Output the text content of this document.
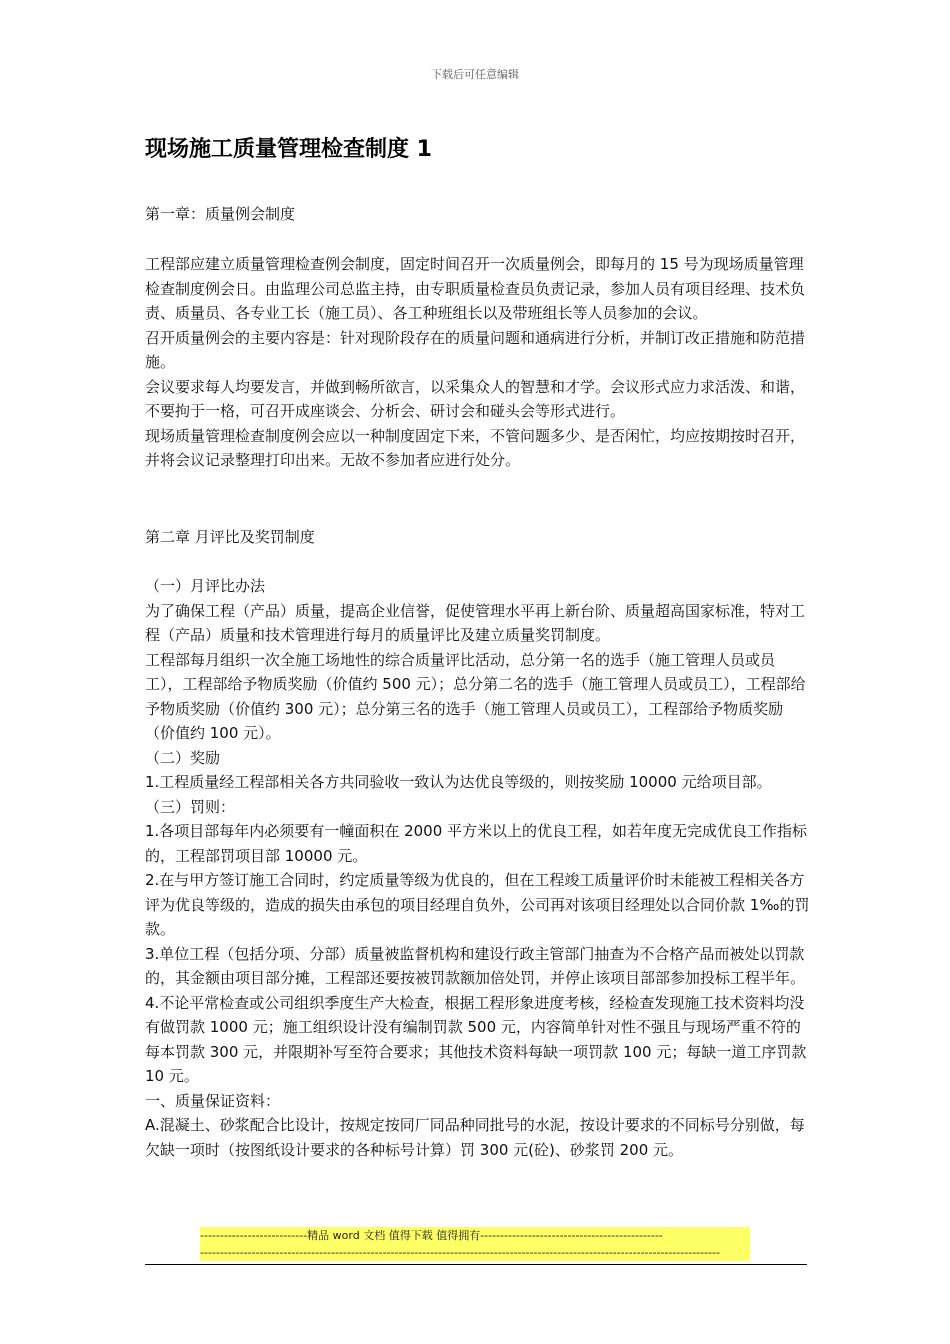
下载后可任意编辑
现场施工质量管理检查制度 1
第一章：质量例会制度
工程部应建立质量管理检查例会制度，固定时间召开一次质量例会，即每月的 15 号为现场质量管理检查制度例会日。由监理公司总监主持，由专职质量检查员负责记录，参加人员有项目经理、技术负责、质量员、各专业工长（施工员）、各工种班组长以及带班组长等人员参加的会议。
召开质量例会的主要内容是：针对现阶段存在的质量问题和通病进行分析，并制订改正措施和防范措施。
会议要求每人均要发言，并做到畅所欲言，以采集众人的智慧和才学。会议形式应力求活泼、和谐，不要拘于一格，可召开成座谈会、分析会、研讨会和碰头会等形式进行。
现场质量管理检查制度例会应以一种制度固定下来，不管问题多少、是否闲忙，均应按期按时召开，并将会议记录整理打印出来。无故不参加者应进行处分。
第二章 月评比及奖罚制度
（一）月评比办法
为了确保工程（产品）质量，提高企业信誉，促使管理水平再上新台阶、质量超高国家标准，特对工程（产品）质量和技术管理进行每月的质量评比及建立质量奖罚制度。
工程部每月组织一次全施工场地性的综合质量评比活动，总分第一名的选手（施工管理人员或员工），工程部给予物质奖励（价值约 500 元）；总分第二名的选手（施工管理人员或员工），工程部给予物质奖励（价值约 300 元）；总分第三名的选手（施工管理人员或员工），工程部给予物质奖励（价值约 100 元）。
（二）奖励
1.工程质量经工程部相关各方共同验收一致认为达优良等级的，则按奖励 10000 元给项目部。
（三）罚则：
1.各项目部每年内必须要有一幢面积在 2000 平方米以上的优良工程，如若年度无完成优良工作指标的，工程部罚项目部 10000 元。
2.在与甲方签订施工合同时，约定质量等级为优良的，但在工程竣工质量评价时未能被工程相关各方评为优良等级的，造成的损失由承包的项目经理自负外，公司再对该项目经理处以合同价款 1‰的罚款。
3.单位工程（包括分项、分部）质量被监督机构和建设行政主管部门抽查为不合格产品而被处以罚款的，其金额由项目部分摊，工程部还要按被罚款额加倍处罚，并停止该项目部部参加投标工程半年。
4.不论平常检查或公司组织季度生产大检查，根据工程形象进度考核，经检查发现施工技术资料均没有做罚款 1000 元；施工组织设计没有编制罚款 500 元，内容简单针对性不强且与现场严重不符的每本罚款 300 元，并限期补写至符合要求；其他技术资料每缺一项罚款 100 元；每缺一道工序罚款 10 元。
一、质量保证资料：
A.混凝土、砂浆配合比设计，按规定按同厂同品种同批号的水泥，按设计要求的不同标号分别做，每欠缺一项时（按图纸设计要求的各种标号计算）罚 300 元(砼)、砂浆罚 200 元。
---------------------------精品 word 文档 值得下载 值得拥有----------------------------------------------
-----------------------------------------------------------------------------------------------------------------------------------
